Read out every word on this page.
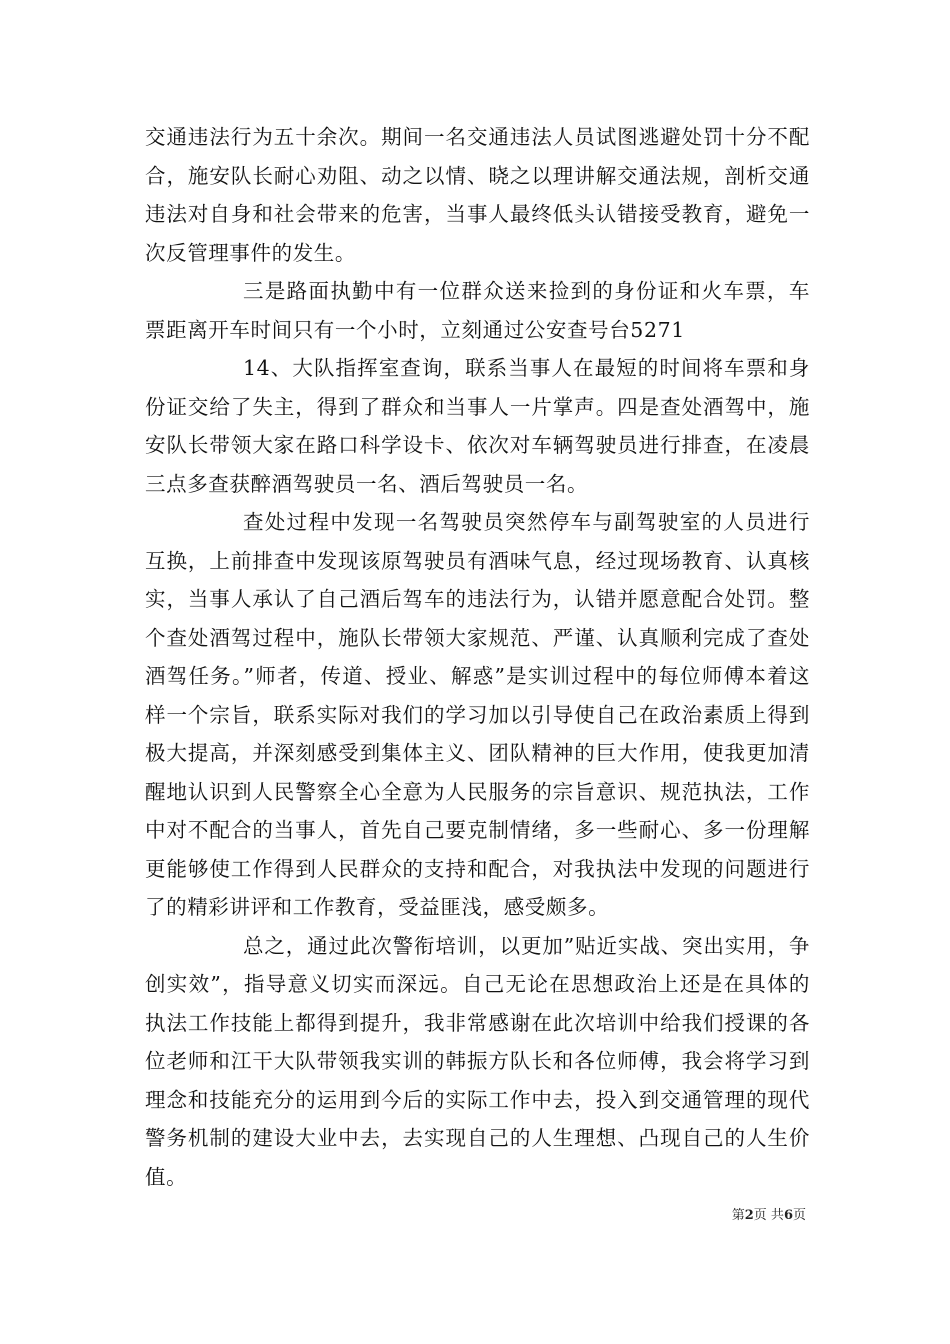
交通违法行为五十余次。期间一名交通违法人员试图逃避处罚十分不配合，施安队长耐心劝阻、动之以情、晓之以理讲解交通法规，剖析交通违法对自身和社会带来的危害，当事人最终低头认错接受教育，避免一次反管理事件的发生。

三是路面执勤中有一位群众送来捡到的身份证和火车票，车票距离开车时间只有一个小时，立刻通过公安查号台5271

14、大队指挥室查询，联系当事人在最短的时间将车票和身份证交给了失主，得到了群众和当事人一片掌声。四是查处酒驾中，施安队长带领大家在路口科学设卡、依次对车辆驾驶员进行排查，在凌晨三点多查获醉酒驾驶员一名、酒后驾驶员一名。

查处过程中发现一名驾驶员突然停车与副驾驶室的人员进行互换，上前排查中发现该原驾驶员有酒味气息，经过现场教育、认真核实，当事人承认了自己酒后驾车的违法行为，认错并愿意配合处罚。整个查处酒驾过程中，施队长带领大家规范、严谨、认真顺利完成了查处酒驾任务。”师者，传道、授业、解惑”是实训过程中的每位师傅本着这样一个宗旨，联系实际对我们的学习加以引导使自己在政治素质上得到极大提高，并深刻感受到集体主义、团队精神的巨大作用，使我更加清醒地认识到人民警察全心全意为人民服务的宗旨意识、规范执法，工作中对不配合的当事人，首先自己要克制情绪，多一些耐心、多一份理解更能够使工作得到人民群众的支持和配合，对我执法中发现的问题进行了的精彩讲评和工作教育，受益匪浅，感受颇多。

总之，通过此次警衔培训，以更加”贴近实战、突出实用，争创实效”，指导意义切实而深远。自己无论在思想政治上还是在具体的执法工作技能上都得到提升，我非常感谢在此次培训中给我们授课的各位老师和江干大队带领我实训的韩振方队长和各位师傅，我会将学习到理念和技能充分的运用到今后的实际工作中去，投入到交通管理的现代警务机制的建设大业中去，去实现自己的人生理想、凸现自己的人生价值。

第2页 共6页
